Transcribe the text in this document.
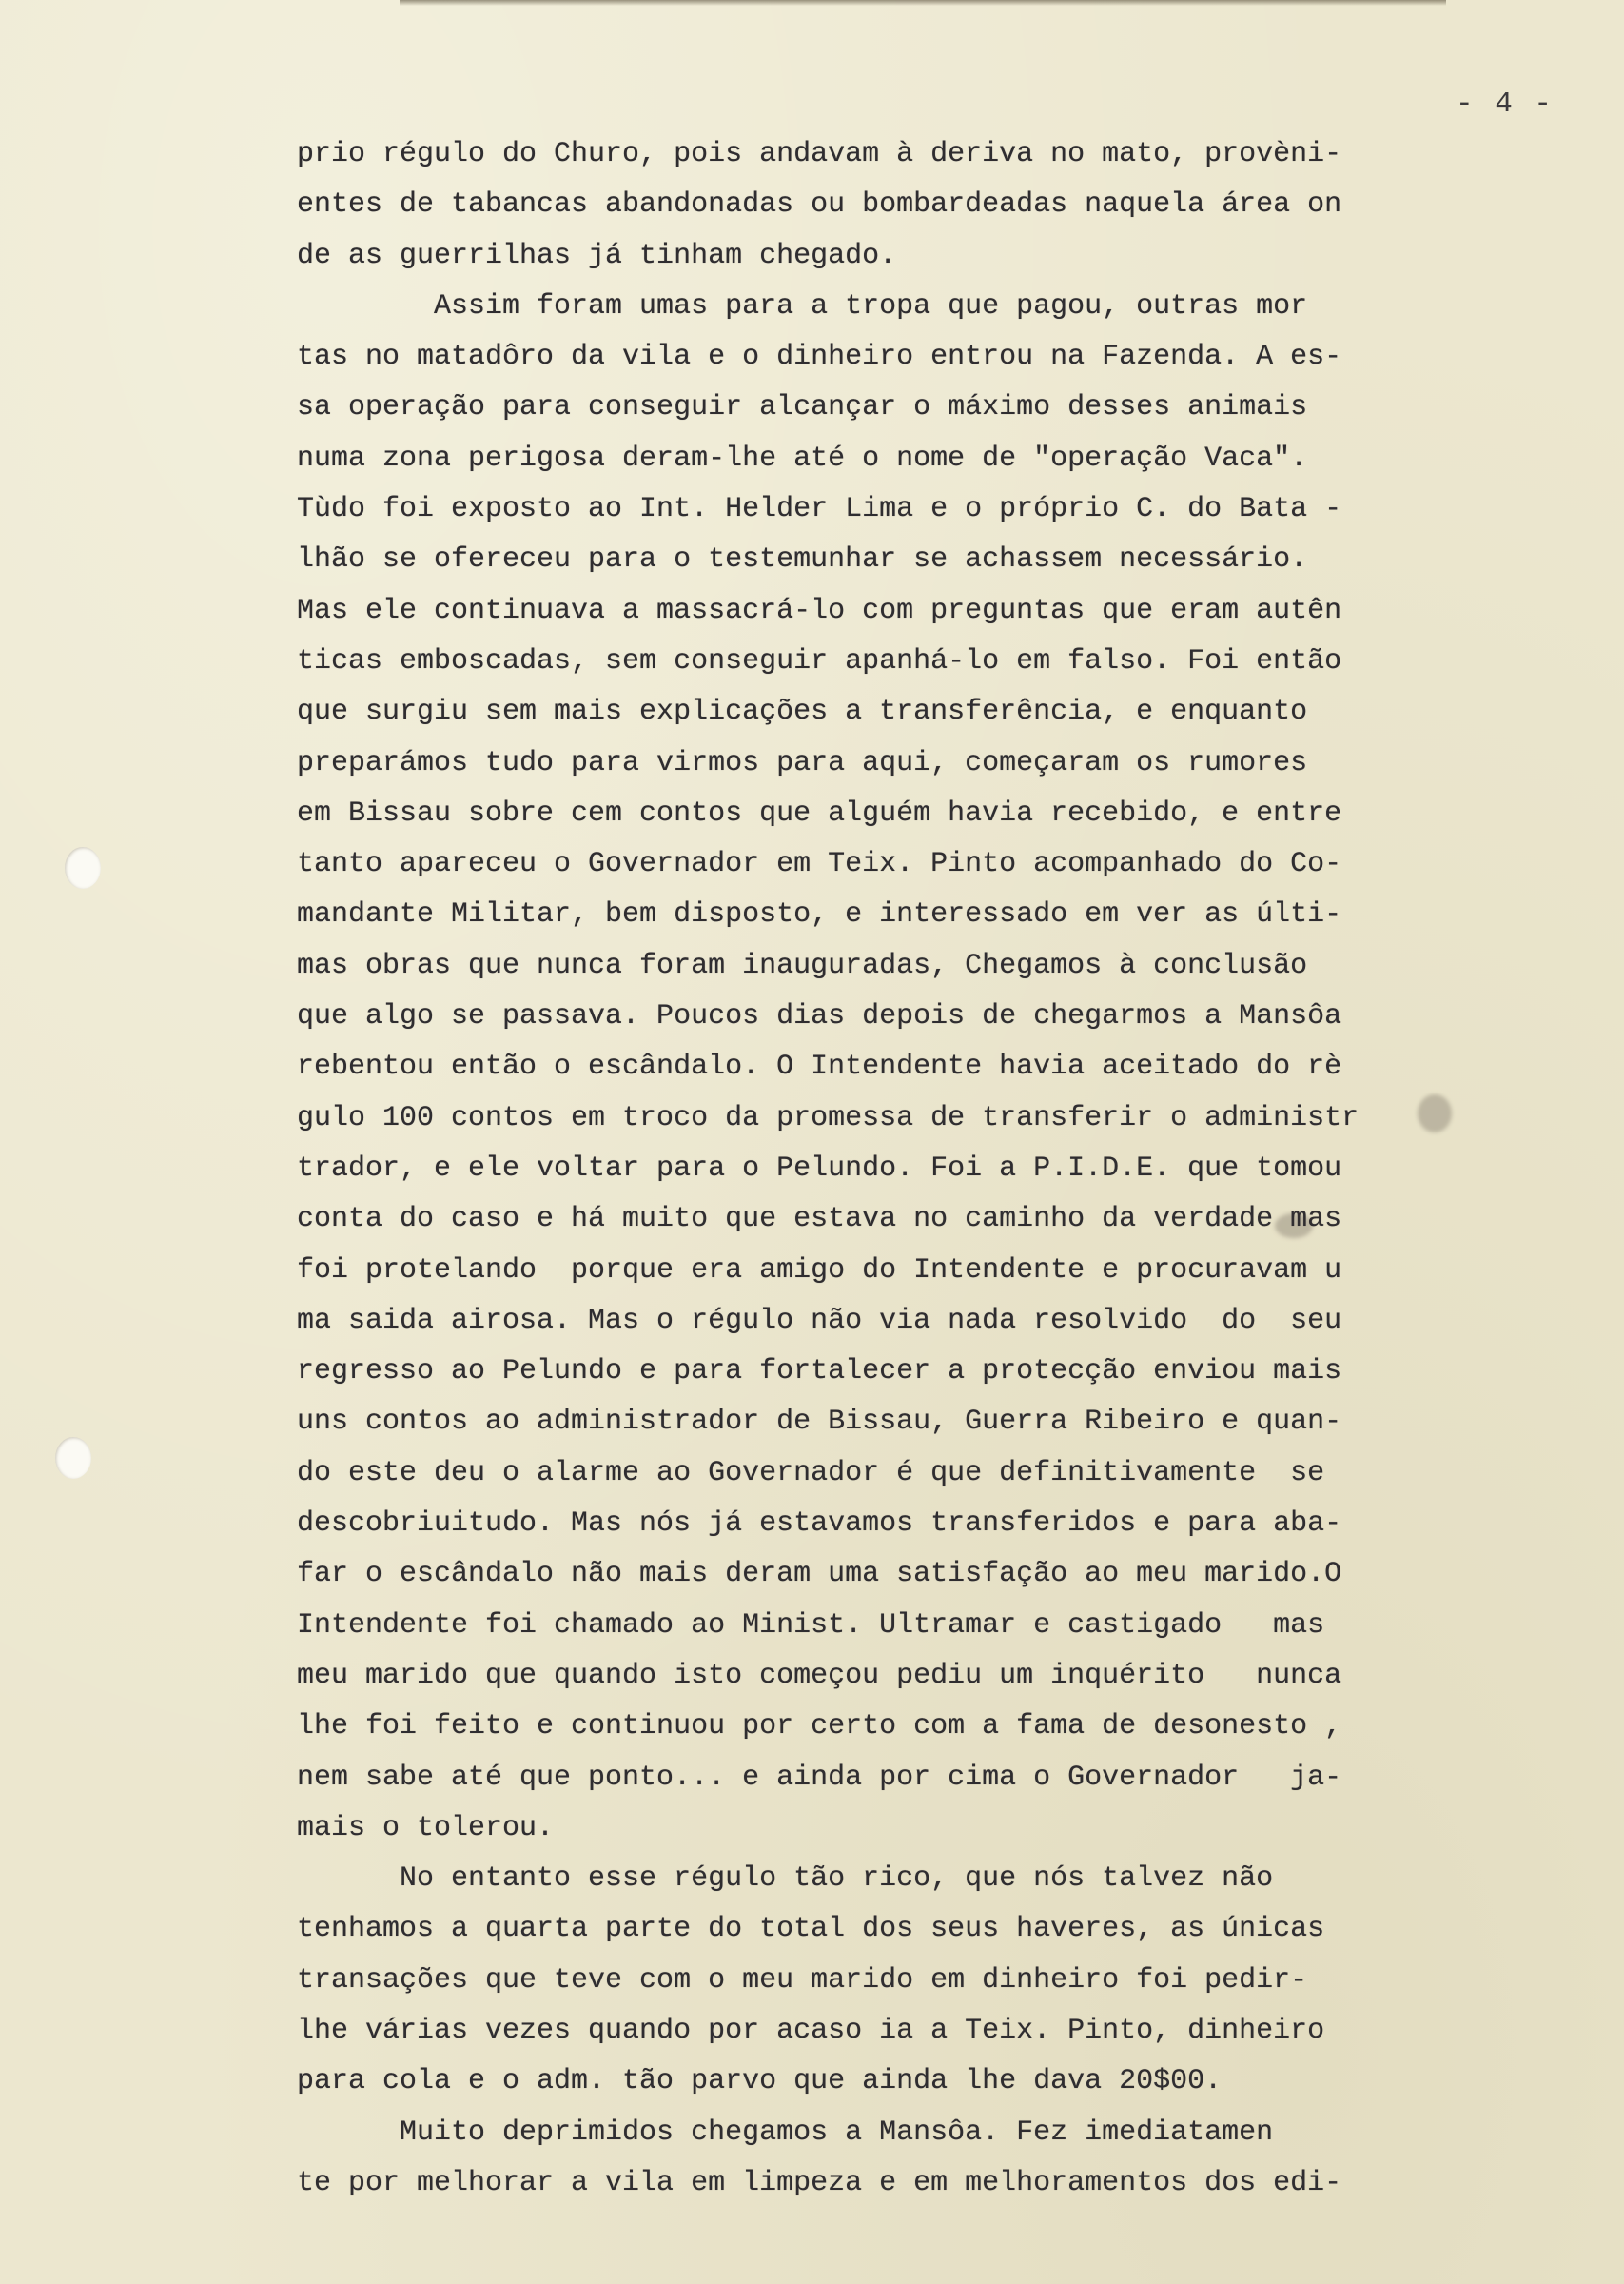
- 4 -
prio régulo do Churo, pois andavam à deriva no mato, provèni-
entes de tabancas abandonadas ou bombardeadas naquela área on
de as guerrilhas já tinham chegado.
Assim foram umas para a tropa que pagou, outras mor
tas no matadôro da vila e o dinheiro entrou na Fazenda. A es-
sa operação para conseguir alcançar o máximo desses animais
numa zona perigosa deram-lhe até o nome de "operação Vaca".
Tùdo foi exposto ao Int. Helder Lima e o próprio C. do Bata -
lhão se ofereceu para o testemunhar se achassem necessário.
Mas ele continuava a massacrá-lo com preguntas que eram autên
ticas emboscadas, sem conseguir apanhá-lo em falso. Foi então
que surgiu sem mais explicações a transferência, e enquanto
preparámos tudo para virmos para aqui, começaram os rumores
em Bissau sobre cem contos que alguém havia recebido, e entre
tanto apareceu o Governador em Teix. Pinto acompanhado do Co-
mandante Militar, bem disposto, e interessado em ver as últi-
mas obras que nunca foram inauguradas, Chegamos à conclusão
que algo se passava. Poucos dias depois de chegarmos a Mansôa
rebentou então o escândalo. O Intendente havia aceitado do rè
gulo 100 contos em troco da promessa de transferir o administr
trador, e ele voltar para o Pelundo. Foi a P.I.D.E. que tomou
conta do caso e há muito que estava no caminho da verdade mas
foi protelando  porque era amigo do Intendente e procuravam u
ma saida airosa. Mas o régulo não via nada resolvido  do  seu
regresso ao Pelundo e para fortalecer a protecção enviou mais
uns contos ao administrador de Bissau, Guerra Ribeiro e quan-
do este deu o alarme ao Governador é que definitivamente  se
descobriuitudo. Mas nós já estavamos transferidos e para aba-
far o escândalo não mais deram uma satisfação ao meu marido.O
Intendente foi chamado ao Minist. Ultramar e castigado   mas
meu marido que quando isto começou pediu um inquérito   nunca
lhe foi feito e continuou por certo com a fama de desonesto ,
nem sabe até que ponto... e ainda por cima o Governador   ja-
mais o tolerou.
No entanto esse régulo tão rico, que nós talvez não
tenhamos a quarta parte do total dos seus haveres, as únicas
transações que teve com o meu marido em dinheiro foi pedir-
lhe várias vezes quando por acaso ia a Teix. Pinto, dinheiro
para cola e o adm. tão parvo que ainda lhe dava 20$00.
Muito deprimidos chegamos a Mansôa. Fez imediatamen
te por melhorar a vila em limpeza e em melhoramentos dos edi-
